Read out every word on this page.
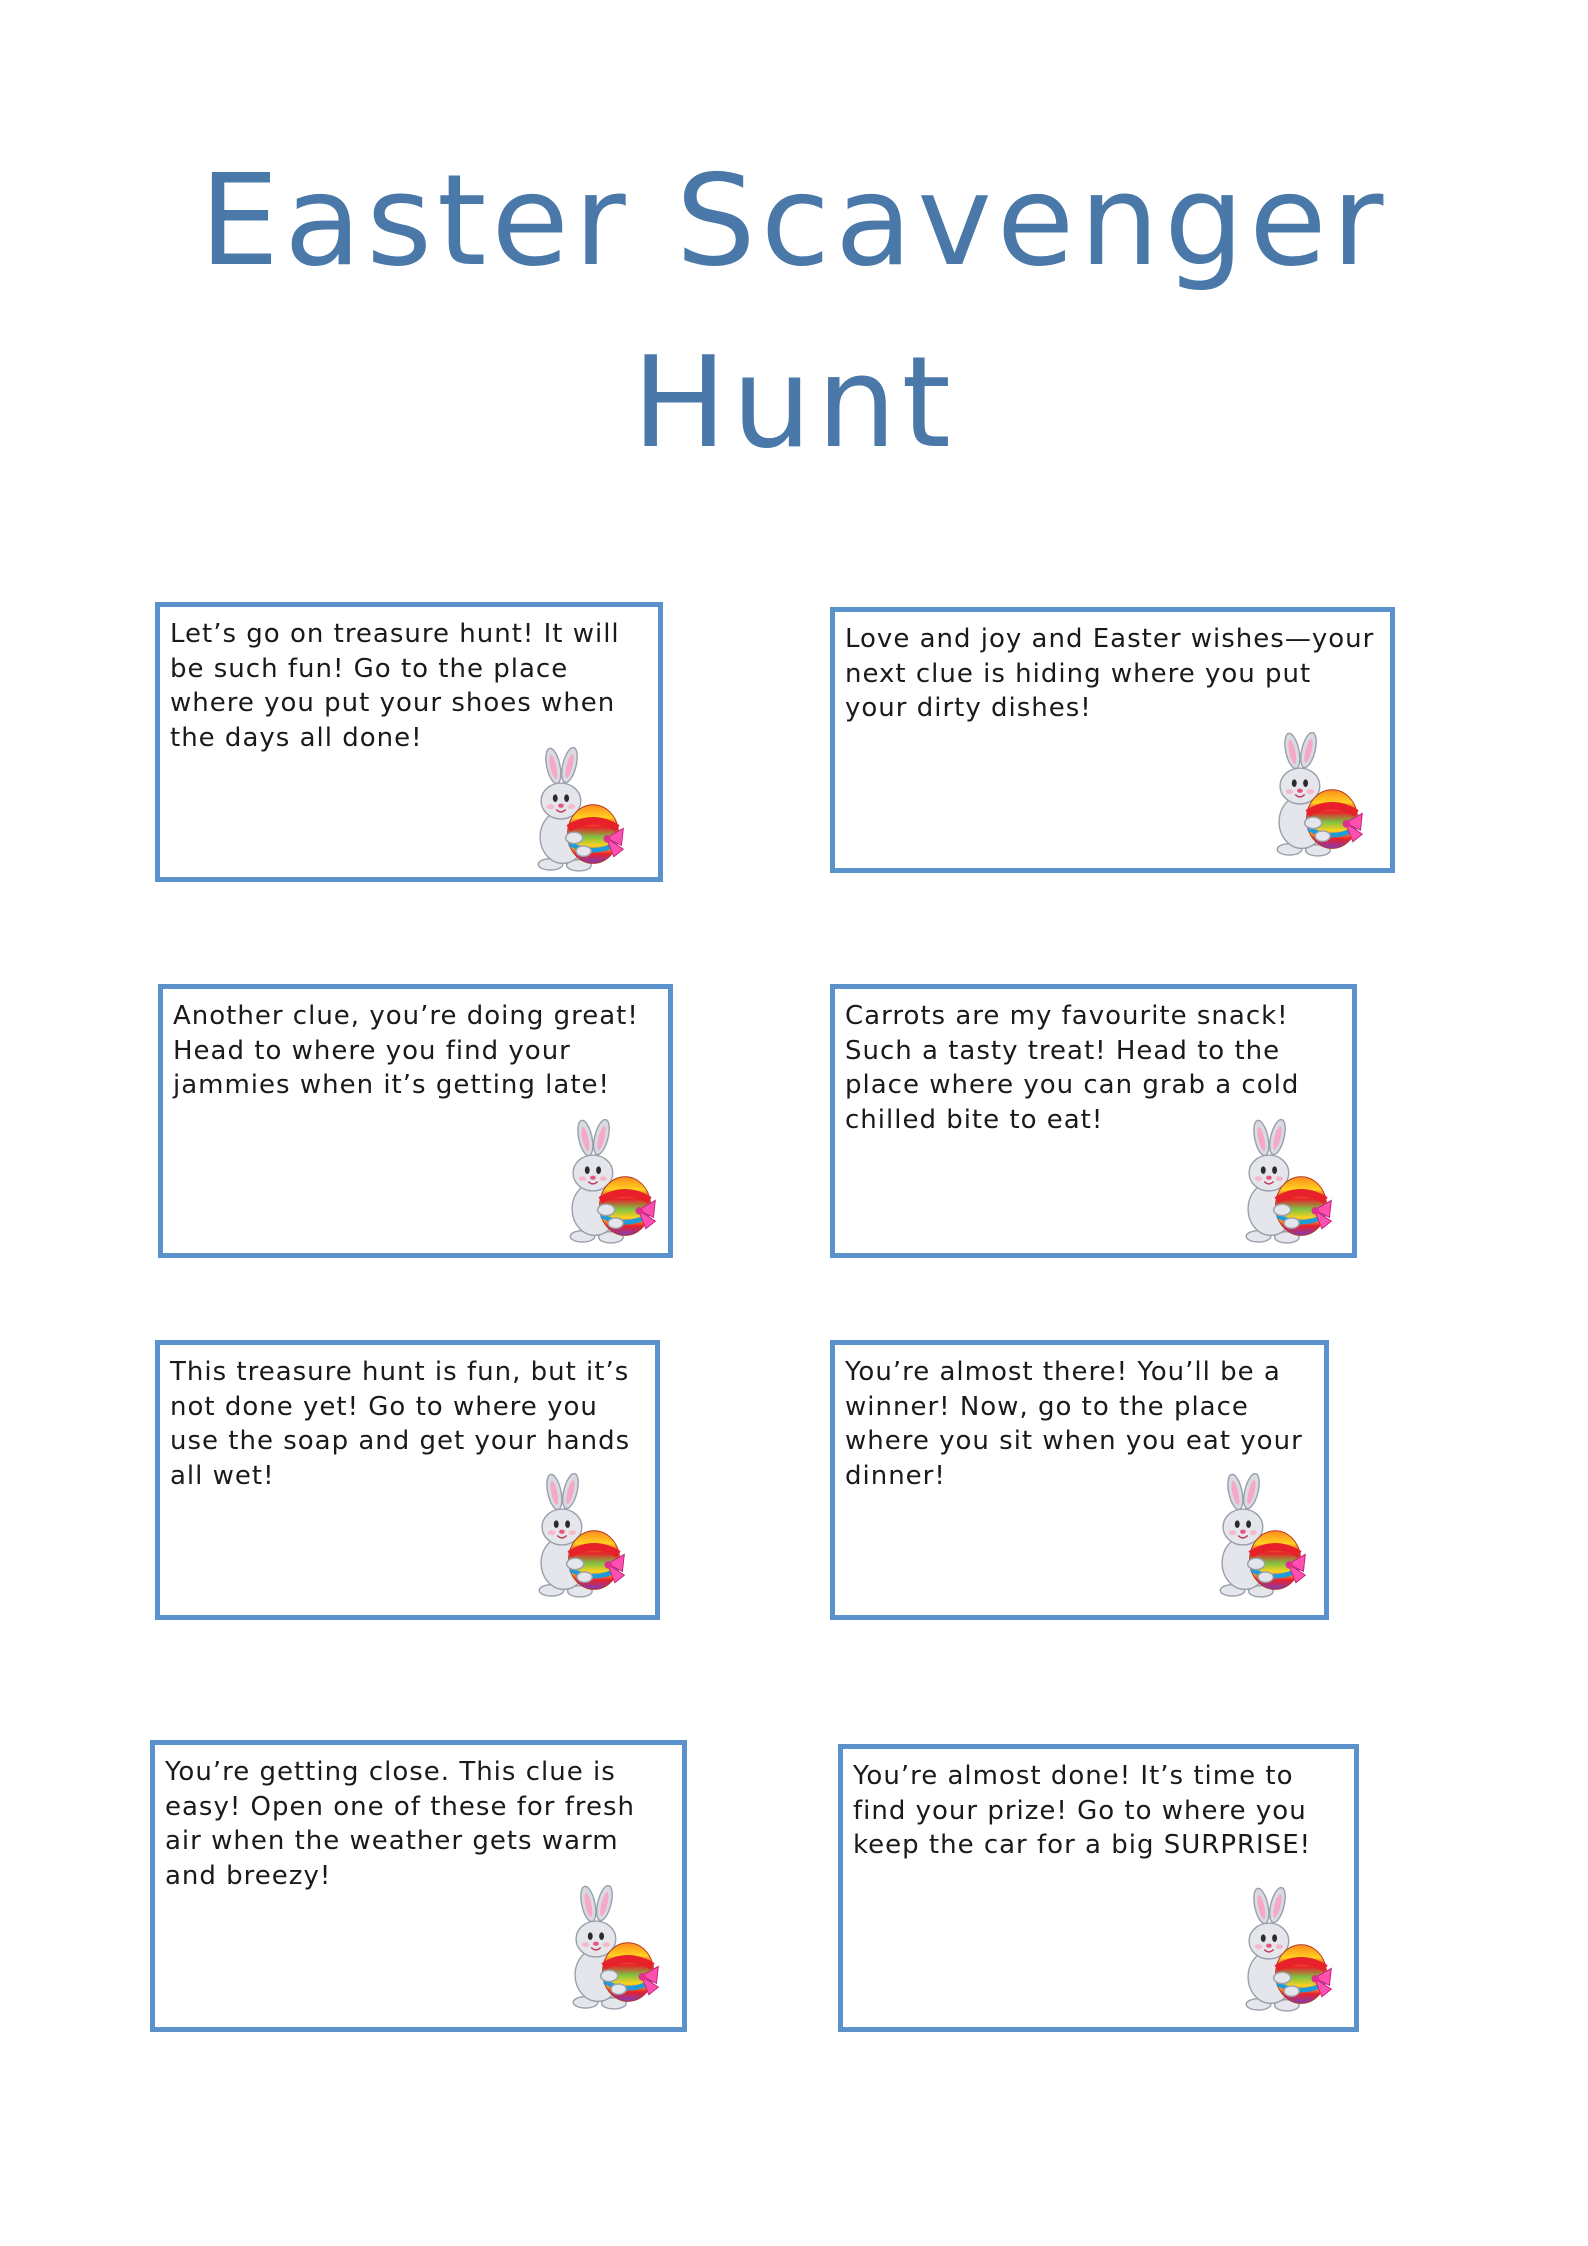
Easter Scavenger
Hunt

Let’s go on treasure hunt! It will be such fun! Go to the place where you put your shoes when the days all done!

Love and joy and Easter wishes—your next clue is hiding where you put your dirty dishes!

Another clue, you’re doing great! Head to where you find your jammies when it’s getting late!

Carrots are my favourite snack! Such a tasty treat! Head to the place where you can grab a cold chilled bite to eat!

This treasure hunt is fun, but it’s not done yet! Go to where you use the soap and get your hands all wet!

You’re almost there! You’ll be a winner! Now, go to the place where you sit when you eat your dinner!

You’re getting close. This clue is easy! Open one of these for fresh air when the weather gets warm and breezy!

You’re almost done! It’s time to find your prize! Go to where you keep the car for a big SURPRISE!
